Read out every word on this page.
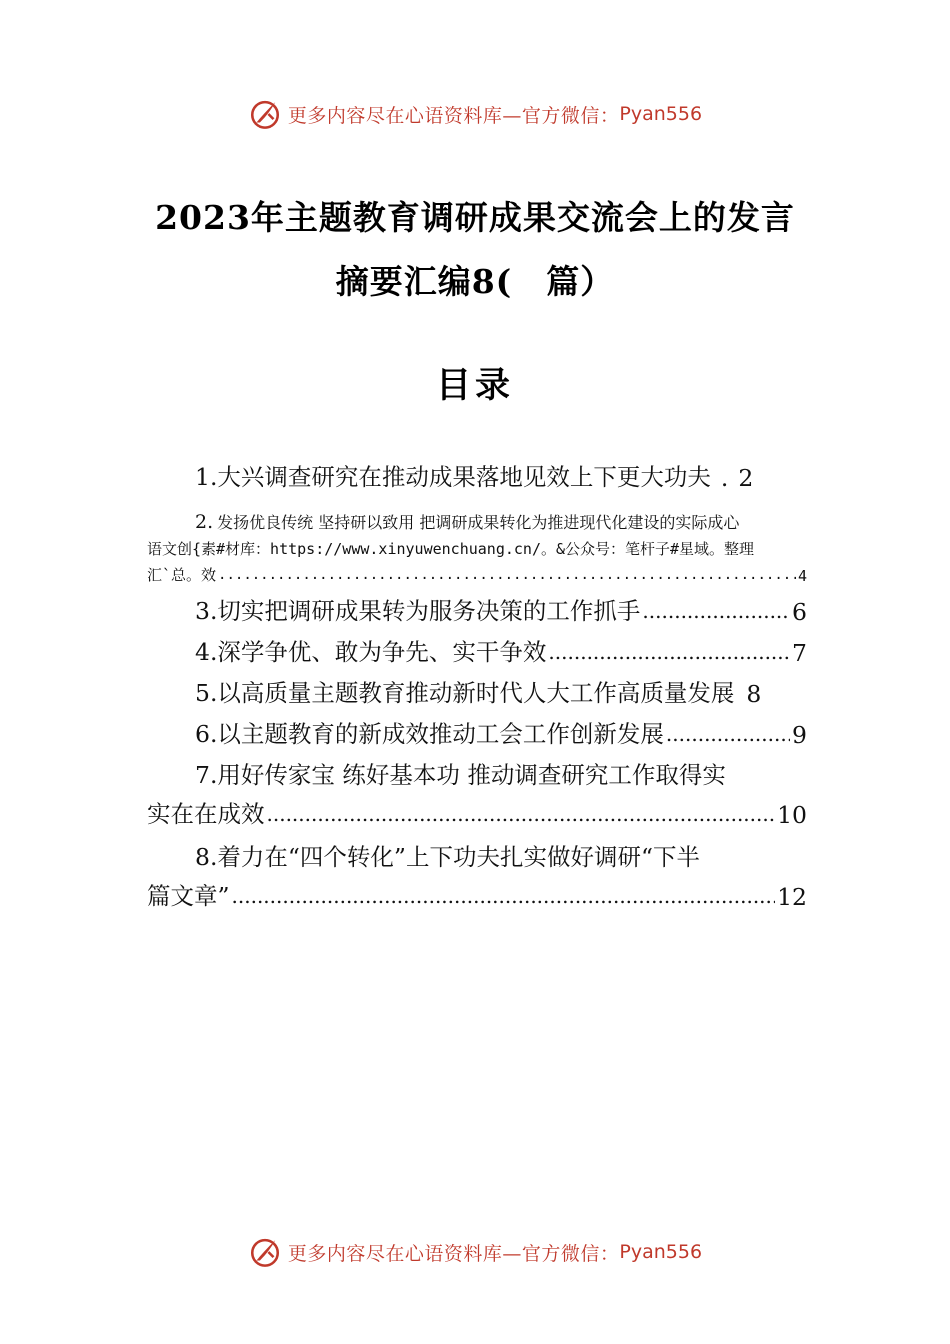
更多内容尽在心语资料库—官方微信： Pyan556
2023年主题教育调研成果交流会上的发言
摘要汇编8(　篇）
目录
1.大兴调查研究在推动成果落地见效上下更大功夫 . 2
2. 发扬优良传统 坚持研以致用 把调研成果转化为推进现代化建设的实际成心
语文创{素#材库：https://www.xinyuwenchuang.cn/。&公众号：笔杆子#星域。整理
汇`总。效 .....	4
3.切实把调研成果转为服务决策的工作抓手 .....	6
4.深学争优、敢为争先、实干争效 .....	7
5.以高质量主题教育推动新时代人大工作高质量发展 8
6.以主题教育的新成效推动工会工作创新发展 .....	9
7.用好传家宝 练好基本功 推动调查研究工作取得实
实在在成效 .....	10
8.着力在“四个转化”上下功夫扎实做好调研“下半
篇文章” .....	12
更多内容尽在心语资料库—官方微信： Pyan556
